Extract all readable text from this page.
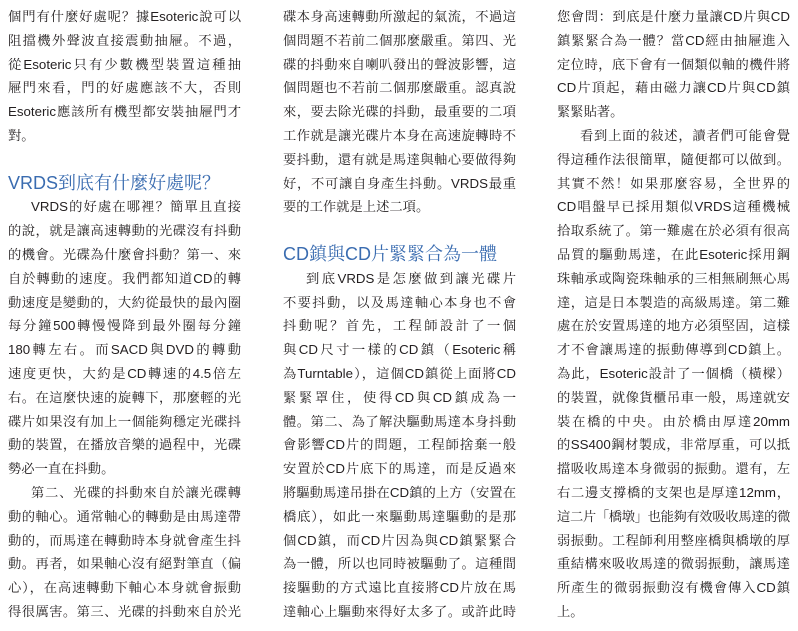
個門有什麼好處呢？據Esoteric說可以
阻擋機外聲波直接震動抽屜。不過，
從Esoteric只有少數機型裝置這種抽
屜門來看，門的好處應該不大，否則
Esoteric應該所有機型都安裝抽屜門才
對。
VRDS到底有什麼好處呢？
VRDS的好處在哪裡？簡單且直接
的說，就是讓高速轉動的光碟沒有抖動
的機會。光碟為什麼會抖動？第一、來
自於轉動的速度。我們都知道CD的轉
動速度是變動的，大約從最快的最內圈
每分鐘500轉慢慢降到最外圈每分鐘
180轉左右。而SACD與DVD的轉動
速度更快，大約是CD轉速的4.5倍左
右。在這麼快速的旋轉下，那麼輕的光
碟片如果沒有加上一個能夠穩定光碟抖
動的裝置，在播放音樂的過程中，光碟
勢必一直在抖動。
第二、光碟的抖動來自於讓光碟轉
動的軸心。通常軸心的轉動是由馬達帶
動的，而馬達在轉動時本身就會產生抖
動。再者，如果軸心沒有絕對筆直（偏
心），在高速轉動下軸心本身就會振動
得很厲害。第三、光碟的抖動來自於光
碟本身高速轉動所激起的氣流，不過這
個問題不若前二個那麼嚴重。第四、光
碟的抖動來自喇叭發出的聲波影響，這
個問題也不若前二個那麼嚴重。認真說
來，要去除光碟的抖動，最重要的二項
工作就是讓光碟片本身在高速旋轉時不
要抖動，還有就是馬達與軸心要做得夠
好，不可讓自身產生抖動。VRDS最重
要的工作就是上述二項。
CD鎮與CD片緊緊合為一體
到底VRDS是怎麼做到讓光碟片
不要抖動，以及馬達軸心本身也不會
抖動呢？首先，工程師設計了一個
與CD尺寸一樣的CD鎮（Esoteric稱
為Turntable），這個CD鎮從上面將CD
緊緊罩住，使得CD與CD鎮成為一
體。第二、為了解決驅動馬達本身抖動
會影響CD片的問題，工程師捨棄一般
安置於CD片底下的馬達，而是反過來
將驅動馬達吊掛在CD鎮的上方（安置在
橋底），如此一來驅動馬達驅動的是那
個CD鎮，而CD片因為與CD鎮緊緊合
為一體，所以也同時被驅動了。這種間
接驅動的方式遠比直接將CD片放在馬
達軸心上驅動來得好太多了。或許此時
您會問：到底是什麼力量讓CD片與CD
鎮緊緊合為一體？當CD經由抽屜進入
定位時，底下會有一個類似軸的機件將
CD片頂起，藉由磁力讓CD片與CD鎮
緊緊貼著。
看到上面的敍述，讀者們可能會覺
得這種作法很簡單，隨便都可以做到。
其實不然！如果那麼容易，全世界的
CD唱盤早已採用類似VRDS這種機械
拾取系統了。第一難處在於必須有很高
品質的驅動馬達，在此Esoteric採用鋼
珠軸承或陶瓷珠軸承的三相無刷無心馬
達，這是日本製造的高級馬達。第二難
處在於安置馬達的地方必須堅固，這樣
才不會讓馬達的振動傳導到CD鎮上。
為此，Esoteric設計了一個橋（橫樑）
的裝置，就像貨櫃吊車一般，馬達就安
裝在橋的中央。由於橋由厚達20mm
的SS400鋼材製成，非常厚重，可以抵
擋吸收馬達本身微弱的振動。還有，左
右二邊支撐橋的支架也是厚達12mm，
這二片「橋墩」也能夠有效吸收馬達的微
弱振動。工程師利用整座橋與橋墩的厚
重結構來吸收馬達的微弱振動，讓馬達
所產生的微弱振動沒有機會傳入CD鎮
上。
